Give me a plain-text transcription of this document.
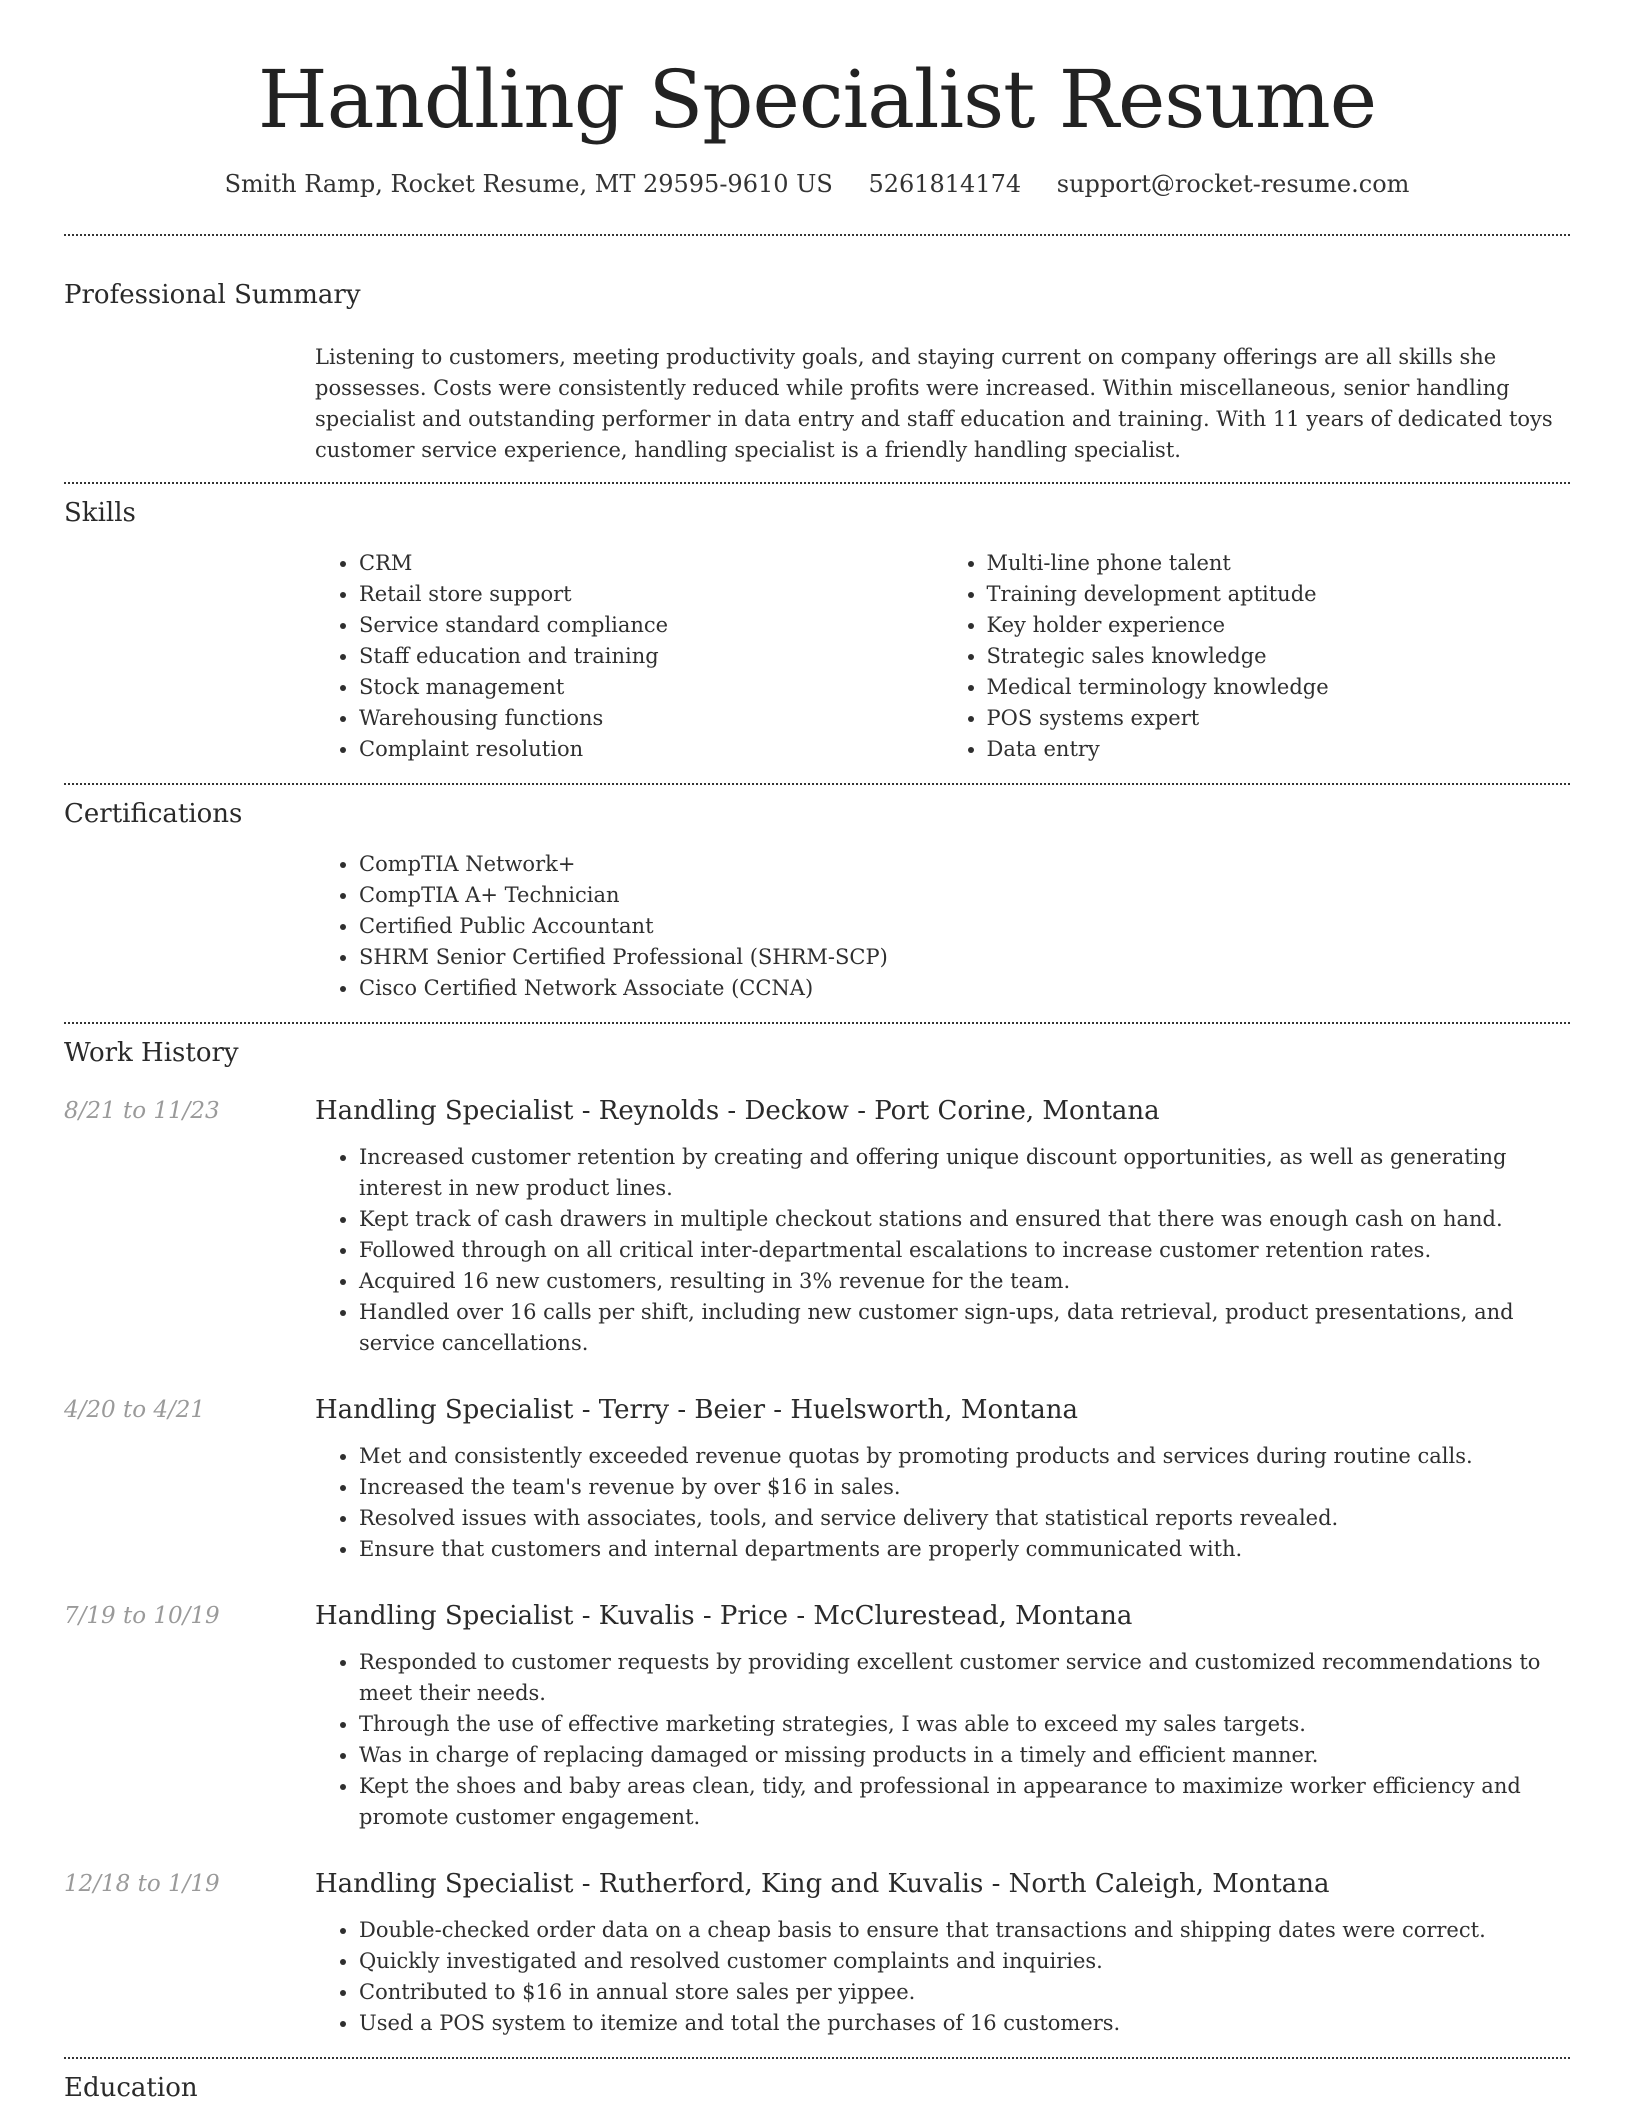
Handling Specialist Resume
Smith Ramp, Rocket Resume, MT 29595-9610 US 5261814174 support@rocket-resume.com
Professional Summary
Listening to customers, meeting productivity goals, and staying current on company offerings are all skills she possesses. Costs were consistently reduced while profits were increased. Within miscellaneous, senior handling specialist and outstanding performer in data entry and staff education and training. With 11 years of dedicated toys customer service experience, handling specialist is a friendly handling specialist.
Skills
• CRM
• Retail store support
• Service standard compliance
• Staff education and training
• Stock management
• Warehousing functions
• Complaint resolution
• Multi-line phone talent
• Training development aptitude
• Key holder experience
• Strategic sales knowledge
• Medical terminology knowledge
• POS systems expert
• Data entry
Certifications
• CompTIA Network+
• CompTIA A+ Technician
• Certified Public Accountant
• SHRM Senior Certified Professional (SHRM-SCP)
• Cisco Certified Network Associate (CCNA)
Work History
8/21 to 11/23	Handling Specialist - Reynolds - Deckow - Port Corine, Montana
• Increased customer retention by creating and offering unique discount opportunities, as well as generating interest in new product lines.
• Kept track of cash drawers in multiple checkout stations and ensured that there was enough cash on hand.
• Followed through on all critical inter-departmental escalations to increase customer retention rates.
• Acquired 16 new customers, resulting in 3% revenue for the team.
• Handled over 16 calls per shift, including new customer sign-ups, data retrieval, product presentations, and service cancellations.
4/20 to 4/21	Handling Specialist - Terry - Beier - Huelsworth, Montana
• Met and consistently exceeded revenue quotas by promoting products and services during routine calls.
• Increased the team's revenue by over $16 in sales.
• Resolved issues with associates, tools, and service delivery that statistical reports revealed.
• Ensure that customers and internal departments are properly communicated with.
7/19 to 10/19	Handling Specialist - Kuvalis - Price - McClurestead, Montana
• Responded to customer requests by providing excellent customer service and customized recommendations to meet their needs.
• Through the use of effective marketing strategies, I was able to exceed my sales targets.
• Was in charge of replacing damaged or missing products in a timely and efficient manner.
• Kept the shoes and baby areas clean, tidy, and professional in appearance to maximize worker efficiency and promote customer engagement.
12/18 to 1/19	Handling Specialist - Rutherford, King and Kuvalis - North Caleigh, Montana
• Double-checked order data on a cheap basis to ensure that transactions and shipping dates were correct.
• Quickly investigated and resolved customer complaints and inquiries.
• Contributed to $16 in annual store sales per yippee.
• Used a POS system to itemize and total the purchases of 16 customers.
Education
